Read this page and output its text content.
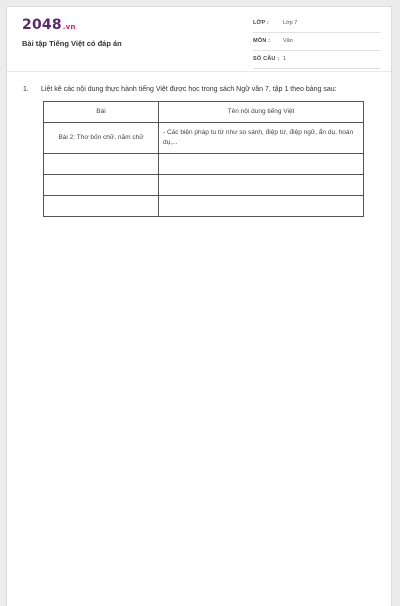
2048.vn
Bài tập Tiếng Việt có đáp án
LỚP :	Lớp 7
MÔN : Văn
SỐ CÂU : 1
1. Liệt kê các nội dung thực hành tiếng Việt được học trong sách Ngữ văn 7, tập 1 theo bảng sau:
Bài	Tên nội dung tiếng Việt
Bài 2: Thơ bốn chữ, năm chữ	- Các biện pháp tu từ như so sánh, điệp từ, điệp ngữ, ẩn dụ, hoán dụ,...
